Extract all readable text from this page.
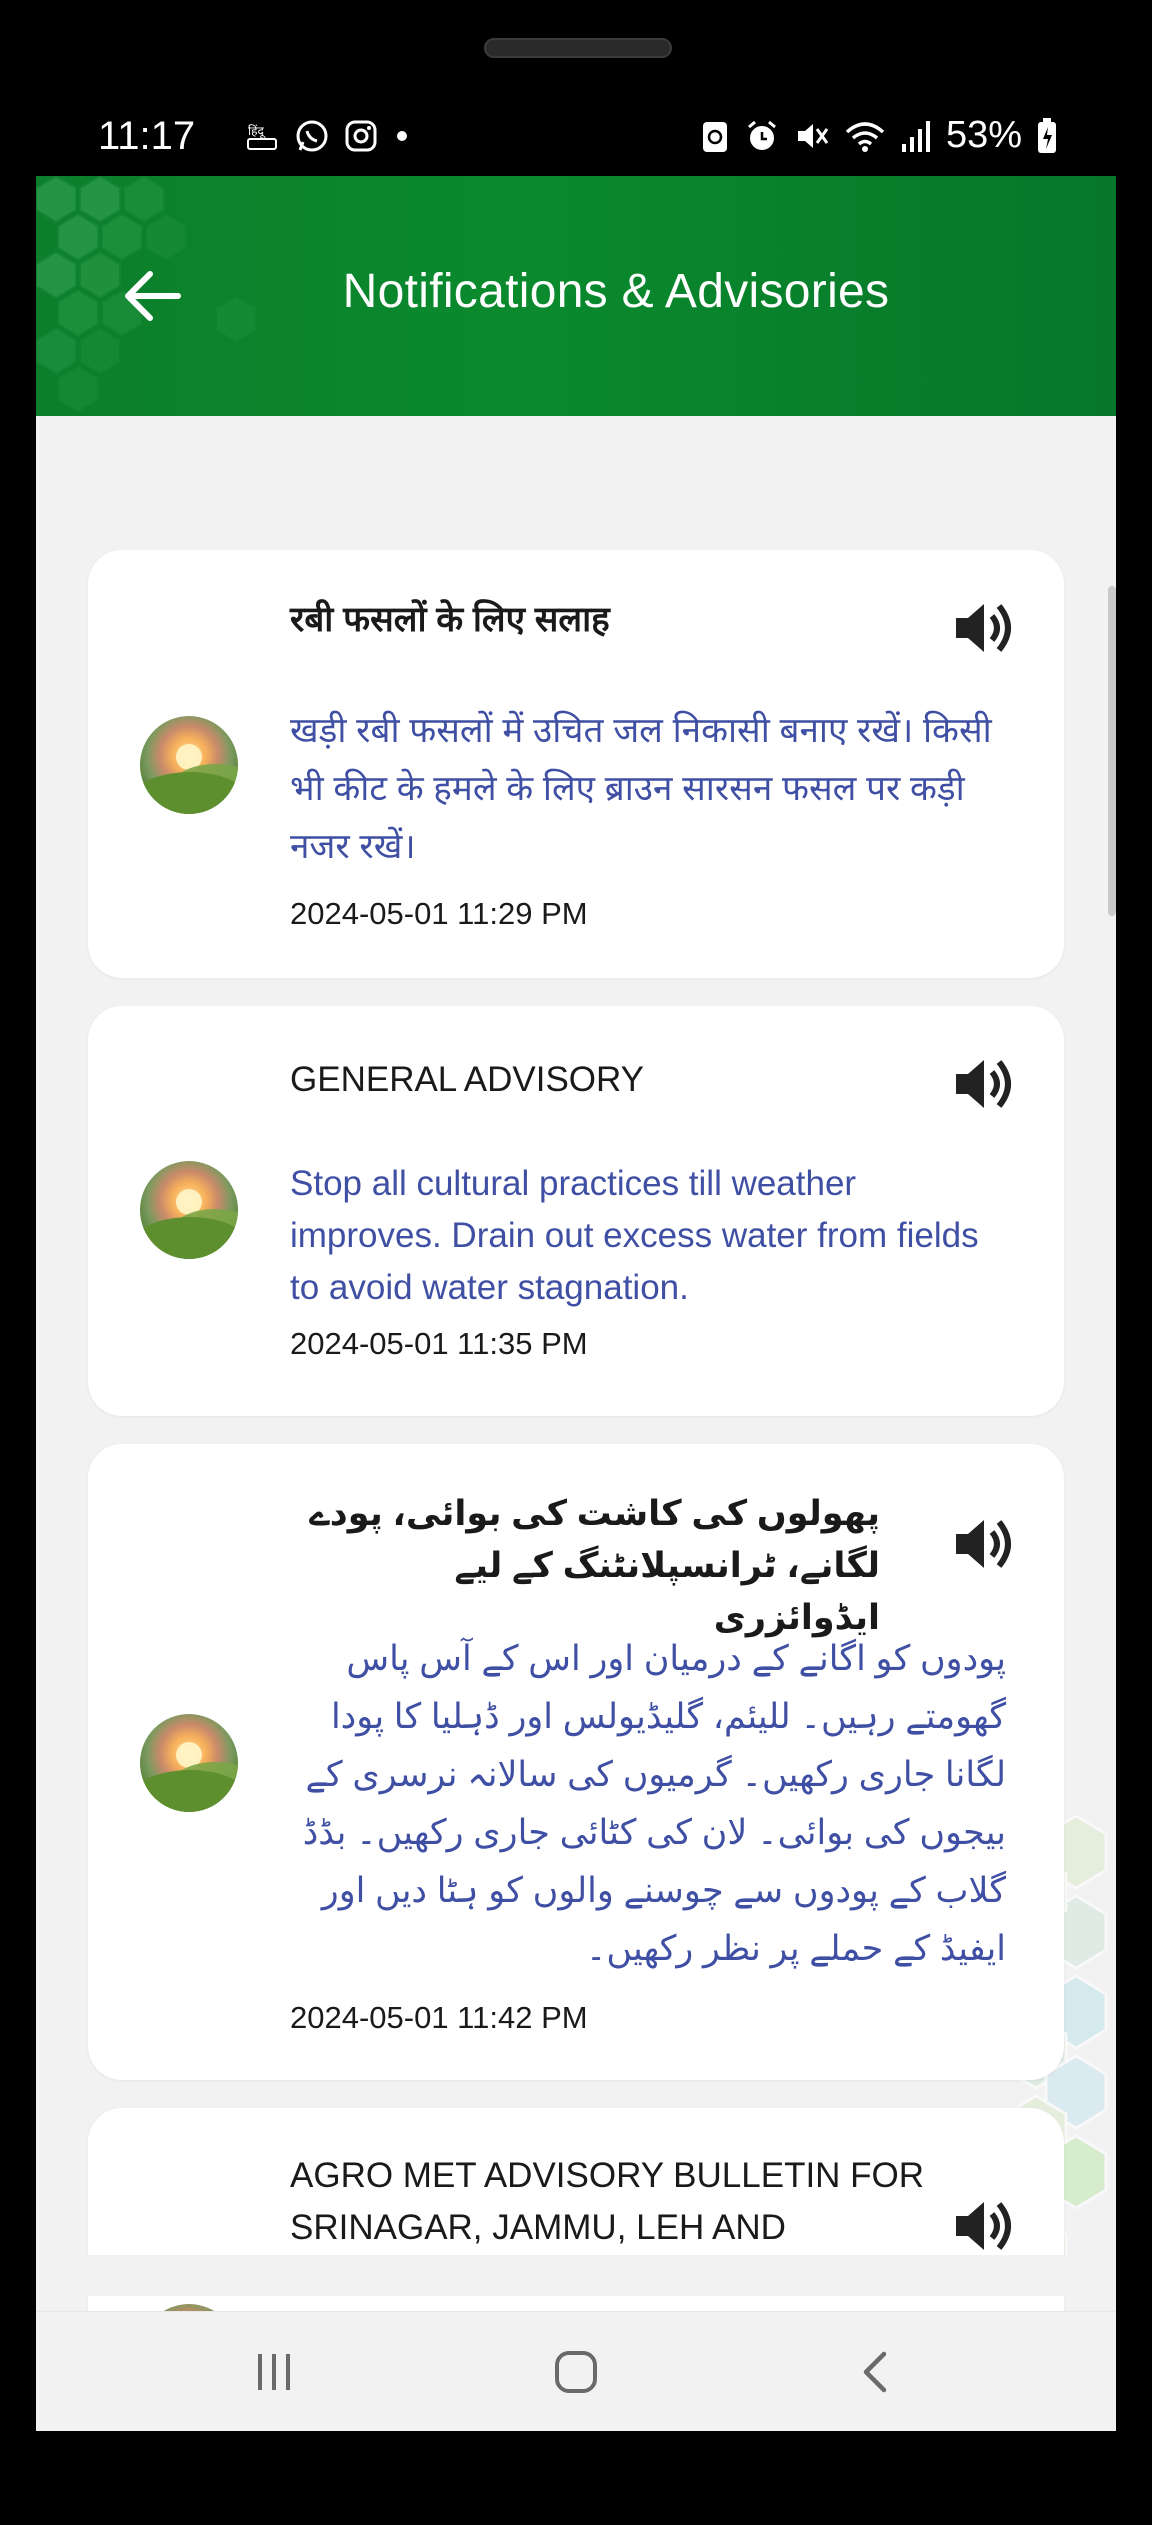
11:17	हिंदू	53%
Notifications & Advisories
रबी फसलों के लिए सलाह
खड़ी रबी फसलों में उचित जल निकासी बनाए रखें। किसी भी कीट के हमले के लिए ब्राउन सारसन फसल पर कड़ी नजर रखें।
2024-05-01 11:29 PM
GENERAL ADVISORY
Stop all cultural practices till weather improves. Drain out excess water from fields to avoid water stagnation.
2024-05-01 11:35 PM
پھولوں کی کاشت کی بوائی، پودے لگانے، ٹرانسپلانٹنگ کے لیے ایڈوائزری
پودوں کو اگانے کے درمیان اور اس کے آس پاس گھومتے رہیں۔ للیئم، گلیڈیولس اور ڈہلیا کا پودا لگانا جاری رکھیں۔ گرمیوں کی سالانہ نرسری کے بیجوں کی بوائی۔ لان کی کٹائی جاری رکھیں۔ بڈڈ گلاب کے پودوں سے چوسنے والوں کو ہٹا دیں اور ایفیڈ کے حملے پر نظر رکھیں۔
2024-05-01 11:42 PM
AGRO MET ADVISORY BULLETIN FOR SRINAGAR, JAMMU, LEH AND
